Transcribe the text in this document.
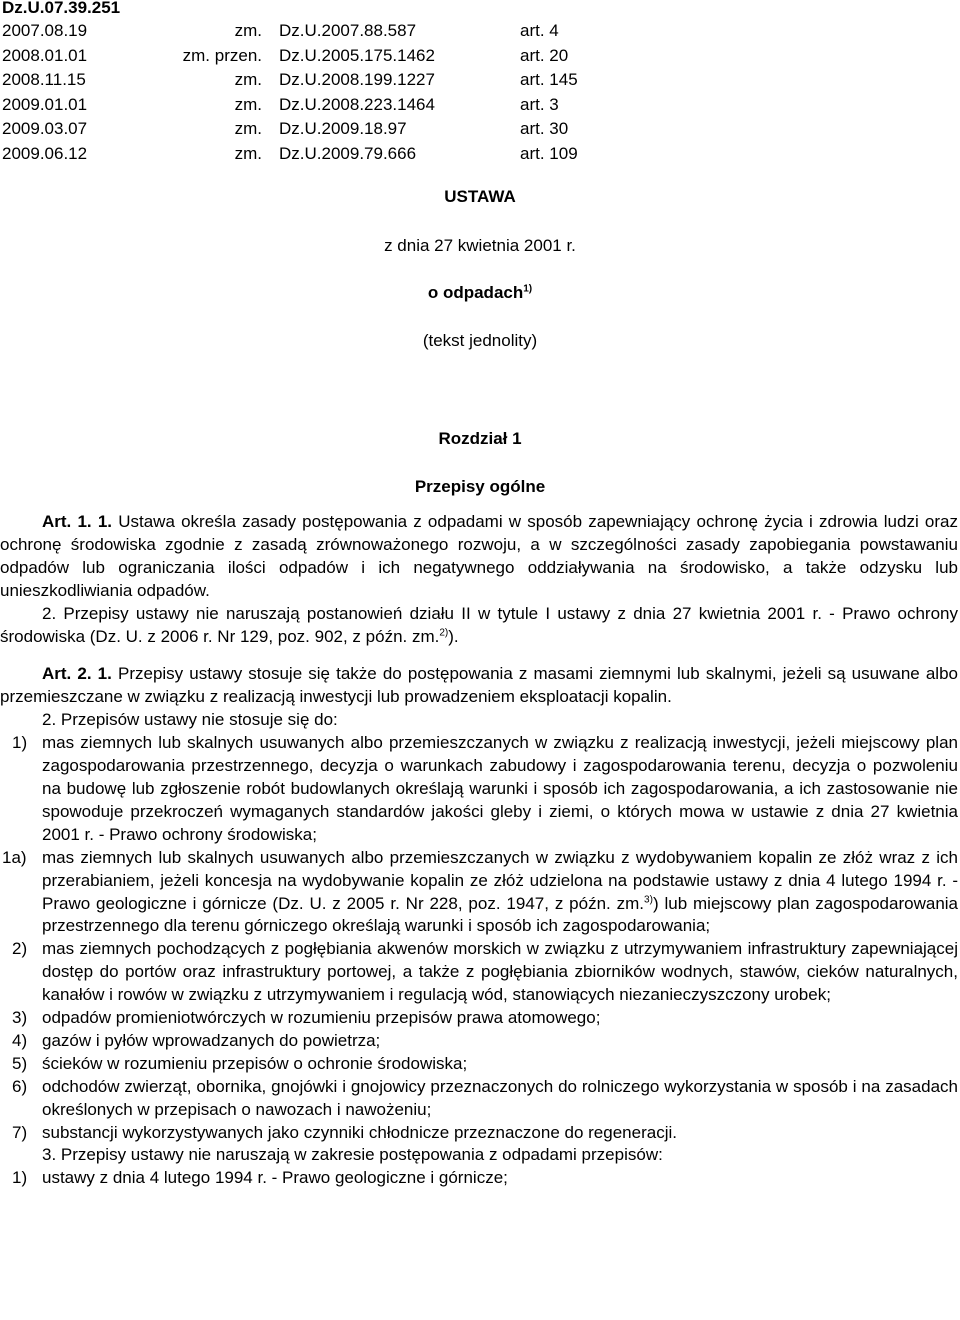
Dz.U.07.39.251
2007.08.19	zm. Dz.U.2007.88.587	art. 4
2008.01.01	zm. przen. Dz.U.2005.175.1462	art. 20
2008.11.15	zm. Dz.U.2008.199.1227	art. 145
2009.01.01	zm. Dz.U.2008.223.1464	art. 3
2009.03.07	zm. Dz.U.2009.18.97	art. 30
2009.06.12	zm. Dz.U.2009.79.666	art. 109
USTAWA
z dnia 27 kwietnia 2001 r.
o odpadach$^{1)}$
(tekst jednolity)
Rozdział 1
Przepisy ogólne

Art. 1. 1. Ustawa określa zasady postępowania z odpadami w sposób zapewniający ochronę życia i zdrowia ludzi oraz ochronę środowiska zgodnie z zasadą zrównoważonego rozwoju, a w szczególności zasady zapobiegania powstawaniu odpadów lub ograniczania ilości odpadów i ich negatywnego oddziaływania na środowisko, a także odzysku lub unieszkodliwiania odpadów.

2. Przepisy ustawy nie naruszają postanowień działu II w tytule I ustawy z dnia 27 kwietnia 2001 r. - Prawo ochrony środowiska (Dz. U. z 2006 r. Nr 129, poz. 902, z późn. zm.$^{2)}$).

Art. 2. 1. Przepisy ustawy stosuje się także do postępowania z masami ziemnymi lub skalnymi, jeżeli są usuwane albo przemieszczane w związku z realizacją inwestycji lub prowadzeniem eksploatacji kopalin.

2. Przepisów ustawy nie stosuje się do:

1) mas ziemnych lub skalnych usuwanych albo przemieszczanych w związku z realizacją inwestycji, jeżeli miejscowy plan zagospodarowania przestrzennego, decyzja o warunkach zabudowy i zagospodarowania terenu, decyzja o pozwoleniu na budowę lub zgłoszenie robót budowlanych określają warunki i sposób ich zagospodarowania, a ich zastosowanie nie spowoduje przekroczeń wymaganych standardów jakości gleby i ziemi, o których mowa w ustawie z dnia 27 kwietnia 2001 r. - Prawo ochrony środowiska;
1a) mas ziemnych lub skalnych usuwanych albo przemieszczanych w związku z wydobywaniem kopalin ze złóż wraz z ich przerabianiem, jeżeli koncesja na wydobywanie kopalin ze złóż udzielona na podstawie ustawy z dnia 4 lutego 1994 r. - Prawo geologiczne i górnicze (Dz. U. z 2005 r. Nr 228, poz. 1947, z późn. zm.$^{3)}$) lub miejscowy plan zagospodarowania przestrzennego dla terenu górniczego określają warunki i sposób ich zagospodarowania;
2) mas ziemnych pochodzących z pogłębiania akwenów morskich w związku z utrzymywaniem infrastruktury zapewniającej dostęp do portów oraz infrastruktury portowej, a także z pogłębiania zbiorników wodnych, stawów, cieków naturalnych, kanałów i rowów w związku z utrzymywaniem i regulacją wód, stanowiących niezanieczyszczony urobek;
3) odpadów promieniotwórczych w rozumieniu przepisów prawa atomowego;
4) gazów i pyłów wprowadzanych do powietrza;
5) ścieków w rozumieniu przepisów o ochronie środowiska;
6) odchodów zwierząt, obornika, gnojówki i gnojowicy przeznaczonych do rolniczego wykorzystania w sposób i na zasadach określonych w przepisach o nawozach i nawożeniu;
7) substancji wykorzystywanych jako czynniki chłodnicze przeznaczone do regeneracji.

3. Przepisy ustawy nie naruszają w zakresie postępowania z odpadami przepisów:

1) ustawy z dnia 4 lutego 1994 r. - Prawo geologiczne i górnicze;
